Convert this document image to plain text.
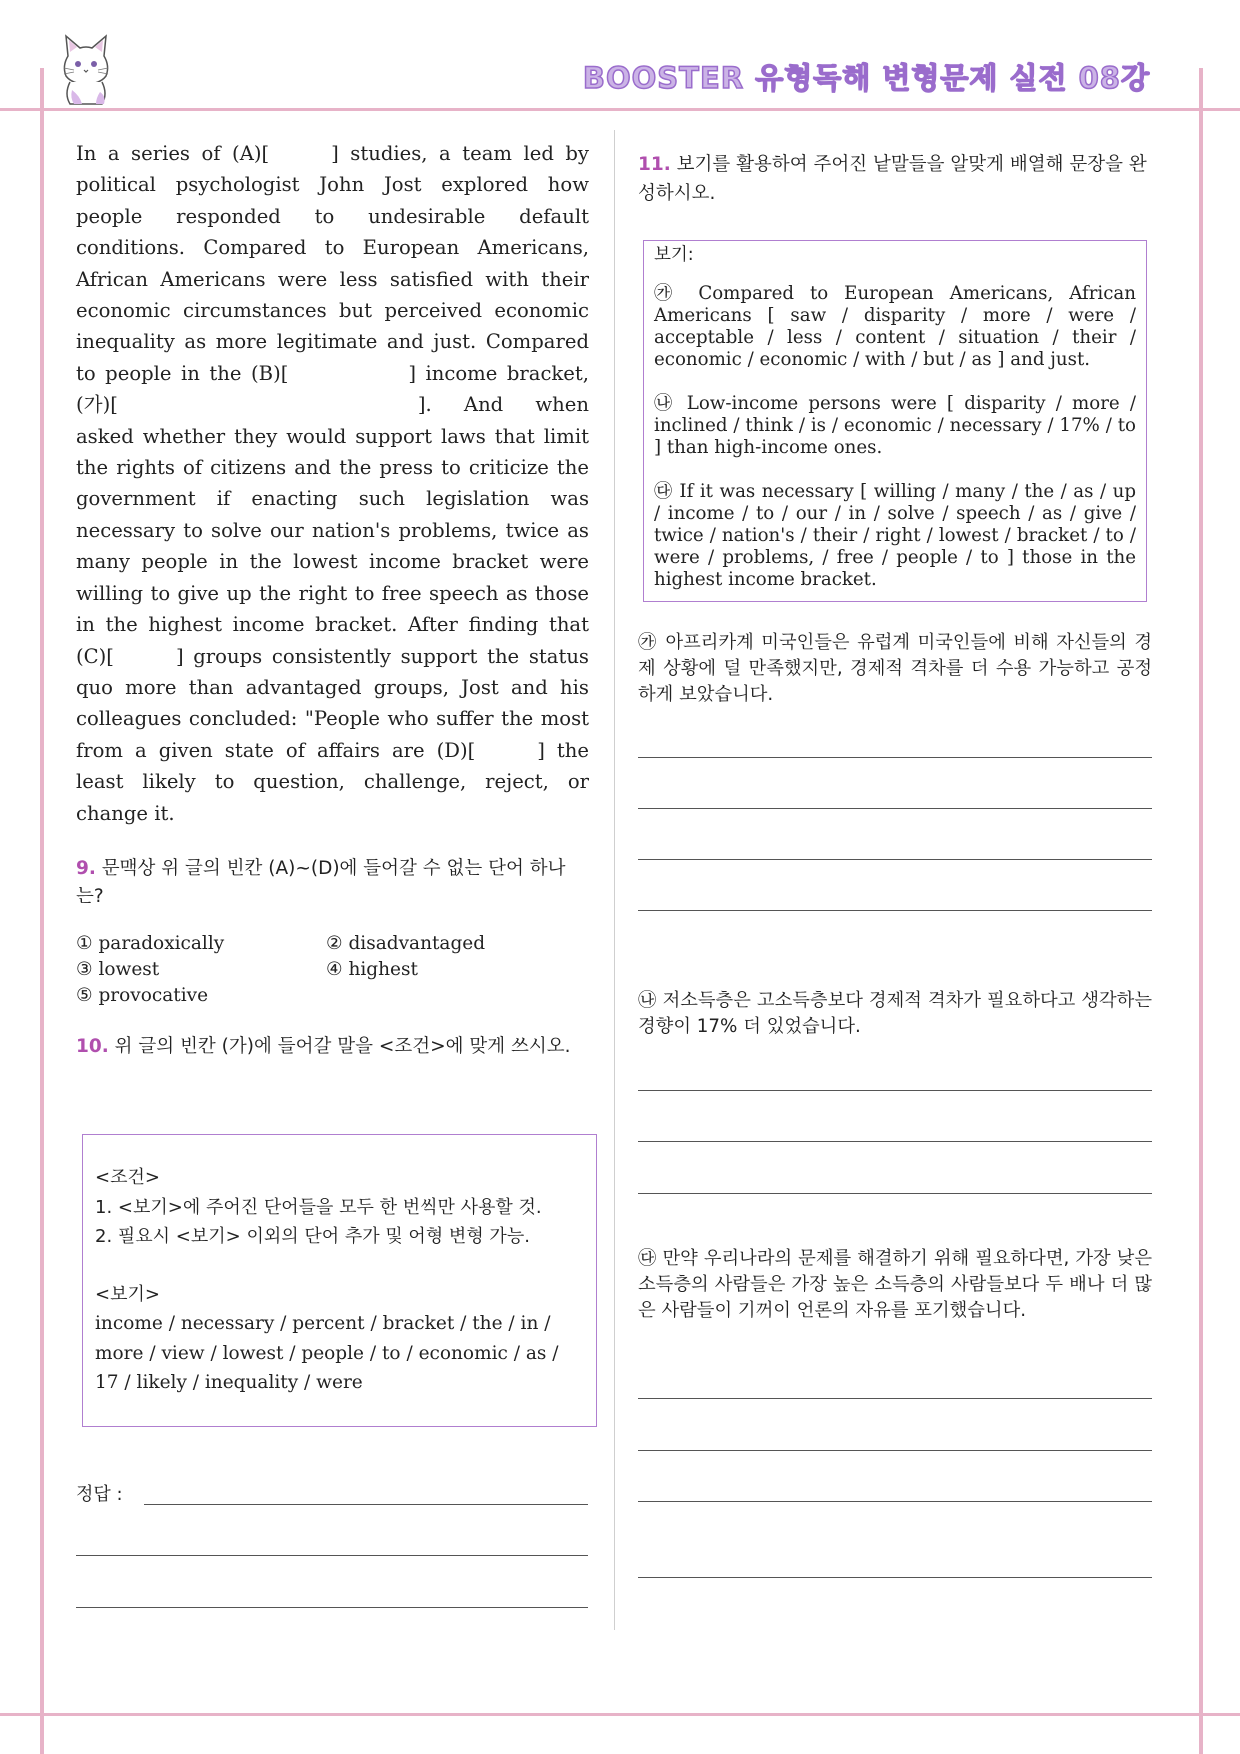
BOOSTER 유형독해 변형문제 실전 08강

In a series of (A)[	] studies, a team led by political psychologist John Jost explored how people responded to undesirable default conditions. Compared to European Americans, African Americans were less satisfied with their economic circumstances but perceived economic inequality as more legitimate and just. Compared to people in the (B)[	] income bracket, (가)[	]. And when asked whether they would support laws that limit the rights of citizens and the press to criticize the government if enacting such legislation was necessary to solve our nation's problems, twice as many people in the lowest income bracket were willing to give up the right to free speech as those in the highest income bracket. After finding that (C)[	] groups consistently support the status quo more than advantaged groups, Jost and his colleagues concluded: "People who suffer the most from a given state of affairs are (D)[	] the least likely to question, challenge, reject, or change it.

9. 문맥상 위 글의 빈칸 (A)~(D)에 들어갈 수 없는 단어 하나는?

① paradoxically	② disadvantaged
③ lowest	④ highest
⑤ provocative

10. 위 글의 빈칸 (가)에 들어갈 말을 <조건>에 맞게 쓰시오.

<조건>

1. <보기>에 주어진 단어들을 모두 한 번씩만 사용할 것.

2. 필요시 <보기> 이외의 단어 추가 및 어형 변형 가능.

<보기>

income / necessary / percent / bracket / the / in / more / view / lowest / people / to / economic / as / 17 / likely / inequality / were

정답 :

11. 보기를 활용하여 주어진 낱말들을 알맞게 배열해 문장을 완성하시오.

보기:

㉮ Compared to European Americans, African Americans [ saw / disparity / more / were / acceptable / less / content / situation / their / economic / economic / with / but / as ] and just.

㉯ Low-income persons were [ disparity / more / inclined / think / is / economic / necessary / 17% / to ] than high-income ones.

㉰ If it was necessary [ willing / many / the / as / up / income / to / our / in / solve / speech / as / give / twice / nation's / their / right / lowest / bracket / to / were / problems, / free / people / to ] those in the highest income bracket.

㉮ 아프리카계 미국인들은 유럽계 미국인들에 비해 자신들의 경제 상황에 덜 만족했지만, 경제적 격차를 더 수용 가능하고 공정하게 보았습니다.

㉯ 저소득층은 고소득층보다 경제적 격차가 필요하다고 생각하는 경향이 17% 더 있었습니다.

㉰ 만약 우리나라의 문제를 해결하기 위해 필요하다면, 가장 낮은 소득층의 사람들은 가장 높은 소득층의 사람들보다 두 배나 더 많은 사람들이 기꺼이 언론의 자유를 포기했습니다.
